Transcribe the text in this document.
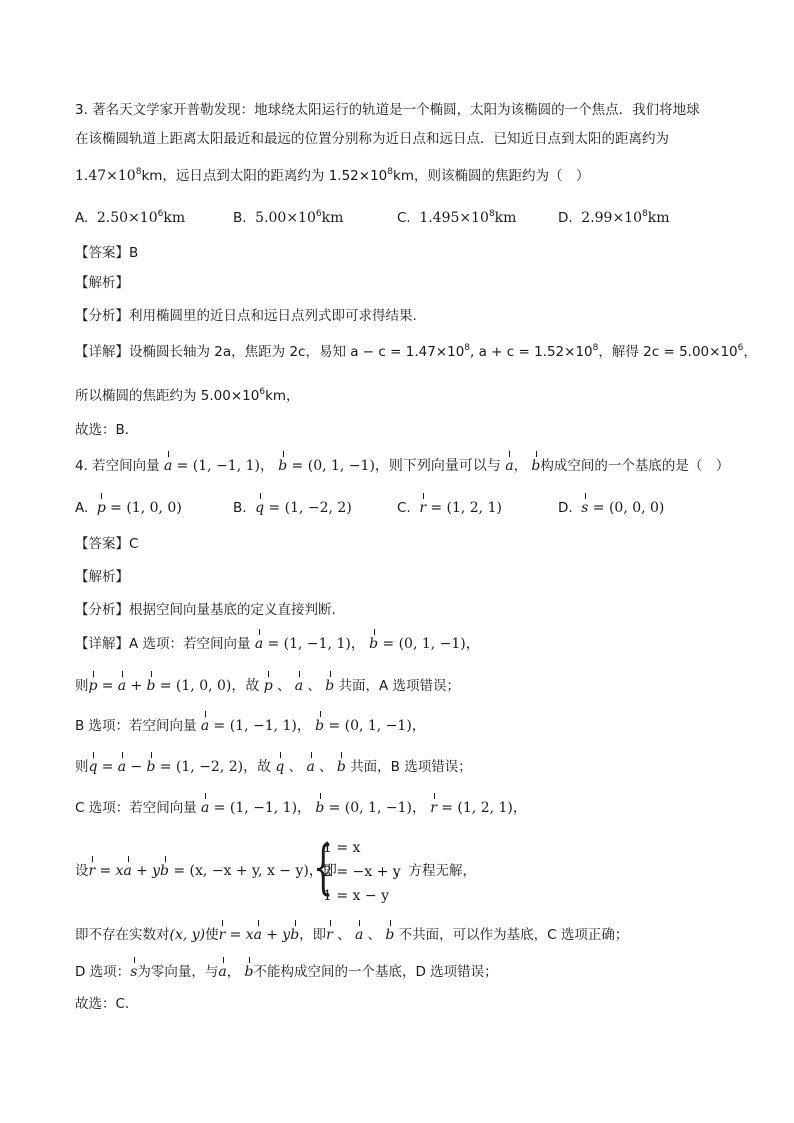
3. 著名天文学家开普勒发现：地球绕太阳运行的轨道是一个椭圆，太阳为该椭圆的一个焦点．我们将地球
在该椭圆轨道上距离太阳最近和最远的位置分别称为近日点和远日点．已知近日点到太阳的距离约为
$1.47\times 10^8km$，远日点到太阳的距离约为 $1.52\times 10^8km$，则该椭圆的焦距约为（　）
A. $2.50\times 10^6km$	B. $5.00\times 10^6km$	C. $1.495\times 10^8km$	D. $2.99\times 10^8km$
【答案】B
【解析】
【分析】利用椭圆里的近日点和远日点列式即可求得结果.
【详解】设椭圆长轴为 2a，焦距为 2c，易知 $a - c = 1.47\times 10^8$, $a + c = 1.52\times 10^8$，解得 $2c = 5.00\times 10^6$，
所以椭圆的焦距约为 $5.00\times 10^6km$，
故选：B．
4. 若空间向量 a = (1, −1, 1)， b = (0, 1, −1)，则下列向量可以与 a， b构成空间的一个基底的是（　）
A. p = (1, 0, 0)	B. q = (1, −2, 2)	C. r = (1, 2, 1)	D. s = (0, 0, 0)
【答案】C
【解析】
【分析】根据空间向量基底的定义直接判断.
【详解】A 选项：若空间向量 a = (1, −1, 1)， b = (0, 1, −1)，
则p = a + b = (1, 0, 0)，故 p 、 a 、 b 共面，A 选项错误；
B 选项：若空间向量 a = (1, −1, 1)， b = (0, 1, −1)，
则q = a − b = (1, −2, 2)，故 q 、 a 、 b 共面，B 选项错误；
C 选项：若空间向量 a = (1, −1, 1)， b = (0, 1, −1)， r = (1, 2, 1)，
设r = xa + yb = (x, −x + y, x − y)，即
{
1 = x
2 = −x + y
1 = x − y
，方程无解，
即不存在实数对(x, y)使r = xa + yb，即r 、 a 、 b 不共面，可以作为基底，C 选项正确；
D 选项：s为零向量，与a， b不能构成空间的一个基底，D 选项错误；
故选：C.
